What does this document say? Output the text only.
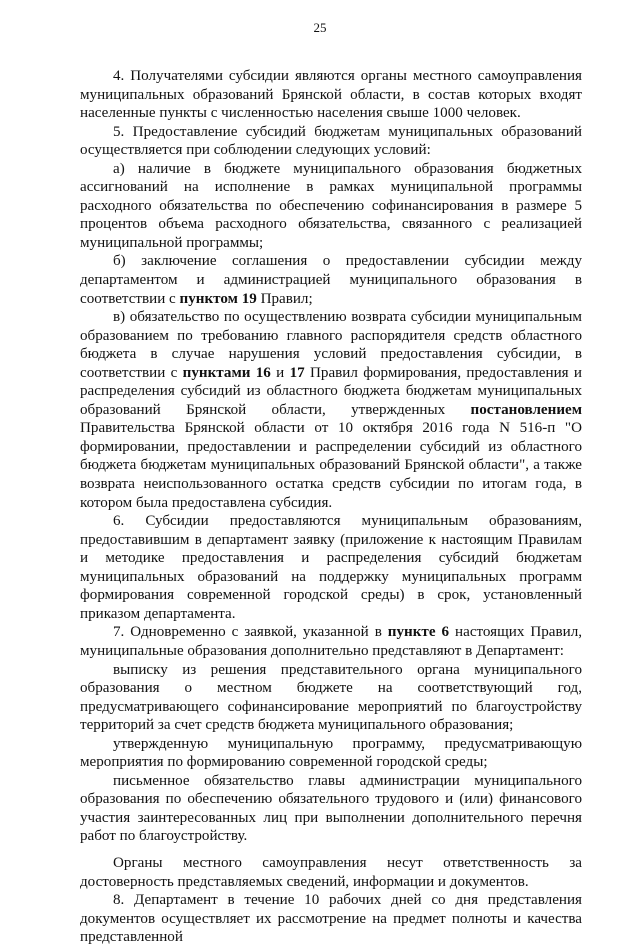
25

4. Получателями субсидии являются органы местного самоуправления муниципальных образований Брянской области, в состав которых входят населенные пункты с численностью населения свыше 1000 человек.

5. Предоставление субсидий бюджетам муниципальных образований осуществляется при соблюдении следующих условий:

а) наличие в бюджете муниципального образования бюджетных ассигнований на исполнение в рамках муниципальной программы расходного обязательства по обеспечению софинансирования в размере 5 процентов объема расходного обязательства, связанного с реализацией муниципальной программы;

б) заключение соглашения о предоставлении субсидии между департаментом и администрацией муниципального образования в соответствии с пунктом 19 Правил;

в) обязательство по осуществлению возврата субсидии муниципальным образованием по требованию главного распорядителя средств областного бюджета в случае нарушения условий предоставления субсидии, в соответствии с пунктами 16 и 17 Правил формирования, предоставления и распределения субсидий из областного бюджета бюджетам муниципальных образований Брянской области, утвержденных постановлением Правительства Брянской области от 10 октября 2016 года N 516-п "О формировании, предоставлении и распределении субсидий из областного бюджета бюджетам муниципальных образований Брянской области", а также возврата неиспользованного остатка средств субсидии по итогам года, в котором была предоставлена субсидия.

6. Субсидии предоставляются муниципальным образованиям, предоставившим в департамент заявку (приложение к настоящим Правилам и методике предоставления и распределения субсидий бюджетам муниципальных образований на поддержку муниципальных программ формирования современной городской среды) в срок, установленный приказом департамента.

7. Одновременно с заявкой, указанной в пункте 6 настоящих Правил, муниципальные образования дополнительно представляют в Департамент:

выписку из решения представительного органа муниципального образования о местном бюджете на соответствующий год, предусматривающего софинансирование мероприятий по благоустройству территорий за счет средств бюджета муниципального образования;

утвержденную муниципальную программу, предусматривающую мероприятия по формированию современной городской среды;

письменное обязательство главы администрации муниципального образования по обеспечению обязательного трудового и (или) финансового участия заинтересованных лиц при выполнении дополнительного перечня работ по благоустройству.

Органы местного самоуправления несут ответственность за достоверность представляемых сведений, информации и документов.

8. Департамент в течение 10 рабочих дней со дня представления документов осуществляет их рассмотрение на предмет полноты и качества представленной
